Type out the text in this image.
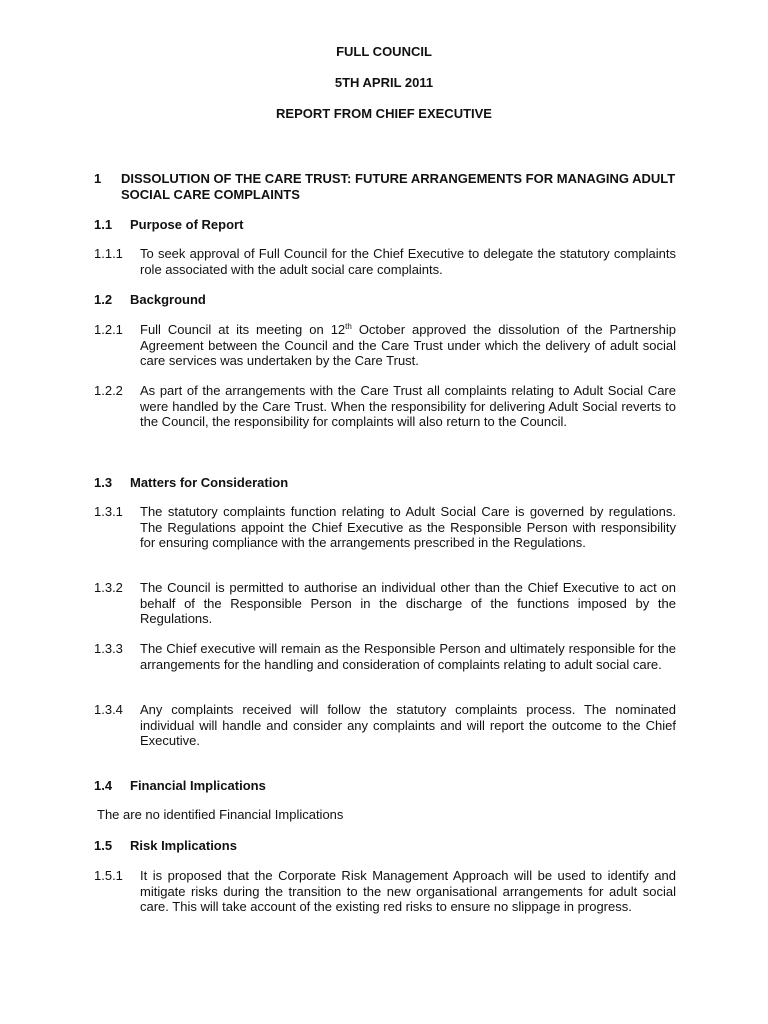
FULL COUNCIL
5TH APRIL 2011
REPORT FROM CHIEF EXECUTIVE
1 DISSOLUTION OF THE CARE TRUST: FUTURE ARRANGEMENTS FOR MANAGING ADULT SOCIAL CARE COMPLAINTS
1.1 Purpose of Report
1.1.1 To seek approval of Full Council for the Chief Executive to delegate the statutory complaints role associated with the adult social care complaints.
1.2 Background
1.2.1 Full Council at its meeting on 12th October approved the dissolution of the Partnership Agreement between the Council and the Care Trust under which the delivery of adult social care services was undertaken by the Care Trust.
1.2.2 As part of the arrangements with the Care Trust all complaints relating to Adult Social Care were handled by the Care Trust. When the responsibility for delivering Adult Social reverts to the Council, the responsibility for complaints will also return to the Council.
1.3 Matters for Consideration
1.3.1 The statutory complaints function relating to Adult Social Care is governed by regulations. The Regulations appoint the Chief Executive as the Responsible Person with responsibility for ensuring compliance with the arrangements prescribed in the Regulations.
1.3.2 The Council is permitted to authorise an individual other than the Chief Executive to act on behalf of the Responsible Person in the discharge of the functions imposed by the Regulations.
1.3.3 The Chief executive will remain as the Responsible Person and ultimately responsible for the arrangements for the handling and consideration of complaints relating to adult social care.
1.3.4 Any complaints received will follow the statutory complaints process. The nominated individual will handle and consider any complaints and will report the outcome to the Chief Executive.
1.4 Financial Implications
The are no identified Financial Implications
1.5 Risk Implications
1.5.1 It is proposed that the Corporate Risk Management Approach will be used to identify and mitigate risks during the transition to the new organisational arrangements for adult social care. This will take account of the existing red risks to ensure no slippage in progress.
